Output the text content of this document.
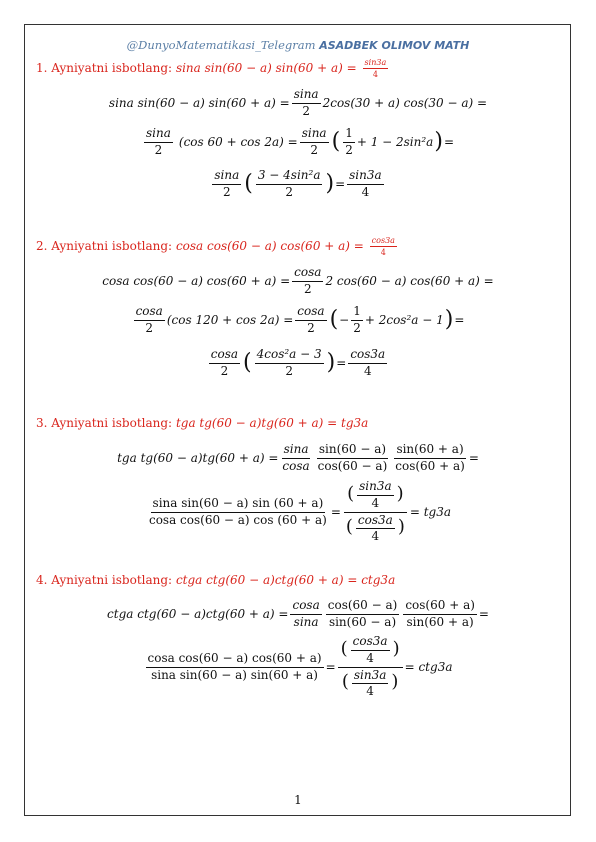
@DunyoMatematikasi_Telegram ASADBEK OLIMOV MATH
1. Ayniyatni isbotlang: sina sin(60 − a) $\sin(60 + a) = \frac{\sin 3a}{4}$
sina sin(60 − a) $\sin(60 + a) = \frac{\sin a}{2} 2\cos(30 + a) \cos(30 - a)$ =
$\frac{\sin a}{2} (\cos$ $60 + \cos 2a) = \frac{\sin a}{2}$ ( $\frac{1}{2} + 1 - 2\sin^2a$ ) =
$\frac{\sin a}{2}$ ( $\frac{\text{3 − 4sin²a}}{2}$ ) = $\frac{\sin 3a}{4}$
2. Ayniyatni isbotlang: cosa cos(60 − a) $\cos(60 + a) = \frac{\cos 3a}{4}$
cosa cos(60 − a) $\cos(60 + a) = \frac{\cos a}{2} 2$ cos(60 − a) cos(60 + a) =
$\frac{\cos a}{2} (\cos$ $120 + \cos 2a) = \frac{\cos a}{2}$ ( − $\frac{1}{2} + 2\cos^2a - 1$ ) =
$\frac{\cos a}{2}$ ( $\frac{\text{4cos²a − 3}}{2}$ ) = $\frac{\cos 3a}{4}$
3. Ayniyatni isbotlang: tga tg(60 − a)tg(60 + a) = tg3a
tga $tg(60 - a)tg(60 + a) = \frac{\sin a}{\cos a} \frac{\sin(60 - a)}{\cos(60 - a)} \frac{\sin(60 + a)}{\cos(60 + a)}$ =
$\frac{\text{sina sin(60 − a) sin (60 + a)}}{\text{cosa cos(60 − a) cos (60 + a)}} = \frac{( \frac{\sin 3a}{4} )}{( \frac{\cos 3a}{4} )} = tg3a$
4. Ayniyatni isbotlang: ctga ctg(60 − a)ctg(60 + a) = ctg3a
ctga $ctg(60 - a)ctg(60 + a) = \frac{\cos a}{\sin a} \frac{\cos(60 - a)}{\sin(60 - a)} \frac{\cos(60 + a)}{\sin(60 + a)}$ =
$\frac{\text{cosa cos(60 − a) cos(60 + a)}}{\text{sina sin(60 − a) sin(60 + a)}} = \frac{( \frac{\cos 3a}{4} )}{( \frac{\sin 3a}{4} )} = ctg3a$
1
